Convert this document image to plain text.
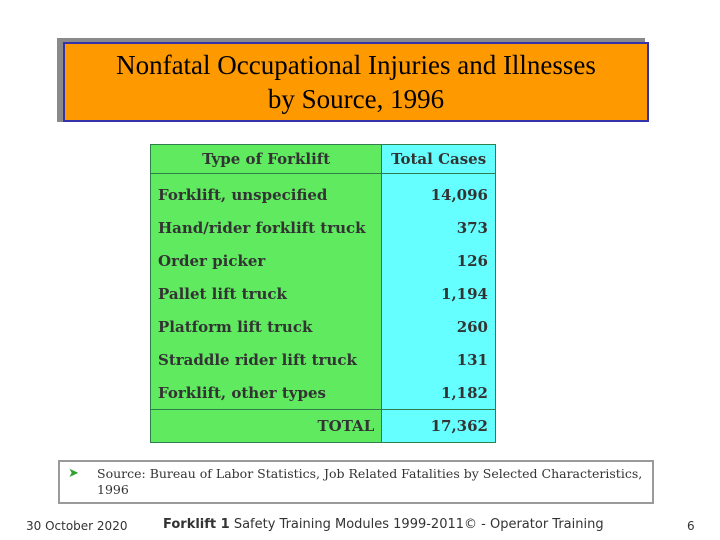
Nonfatal Occupational Injuries and Illnesses
by Source, 1996
Type of Forklift	Total Cases
Forklift, unspecified	14,096
Hand/rider forklift truck	373
Order picker	126
Pallet lift truck	1,194
Platform lift truck	260
Straddle rider lift truck	131
Forklift, other types	1,182
TOTAL	17,362
➤ Source: Bureau of Labor Statistics, Job Related Fatalities by Selected Characteristics, 1996
30 October 2020	Forklift 1 Safety Training Modules 1999-2011© - Operator Training	6
